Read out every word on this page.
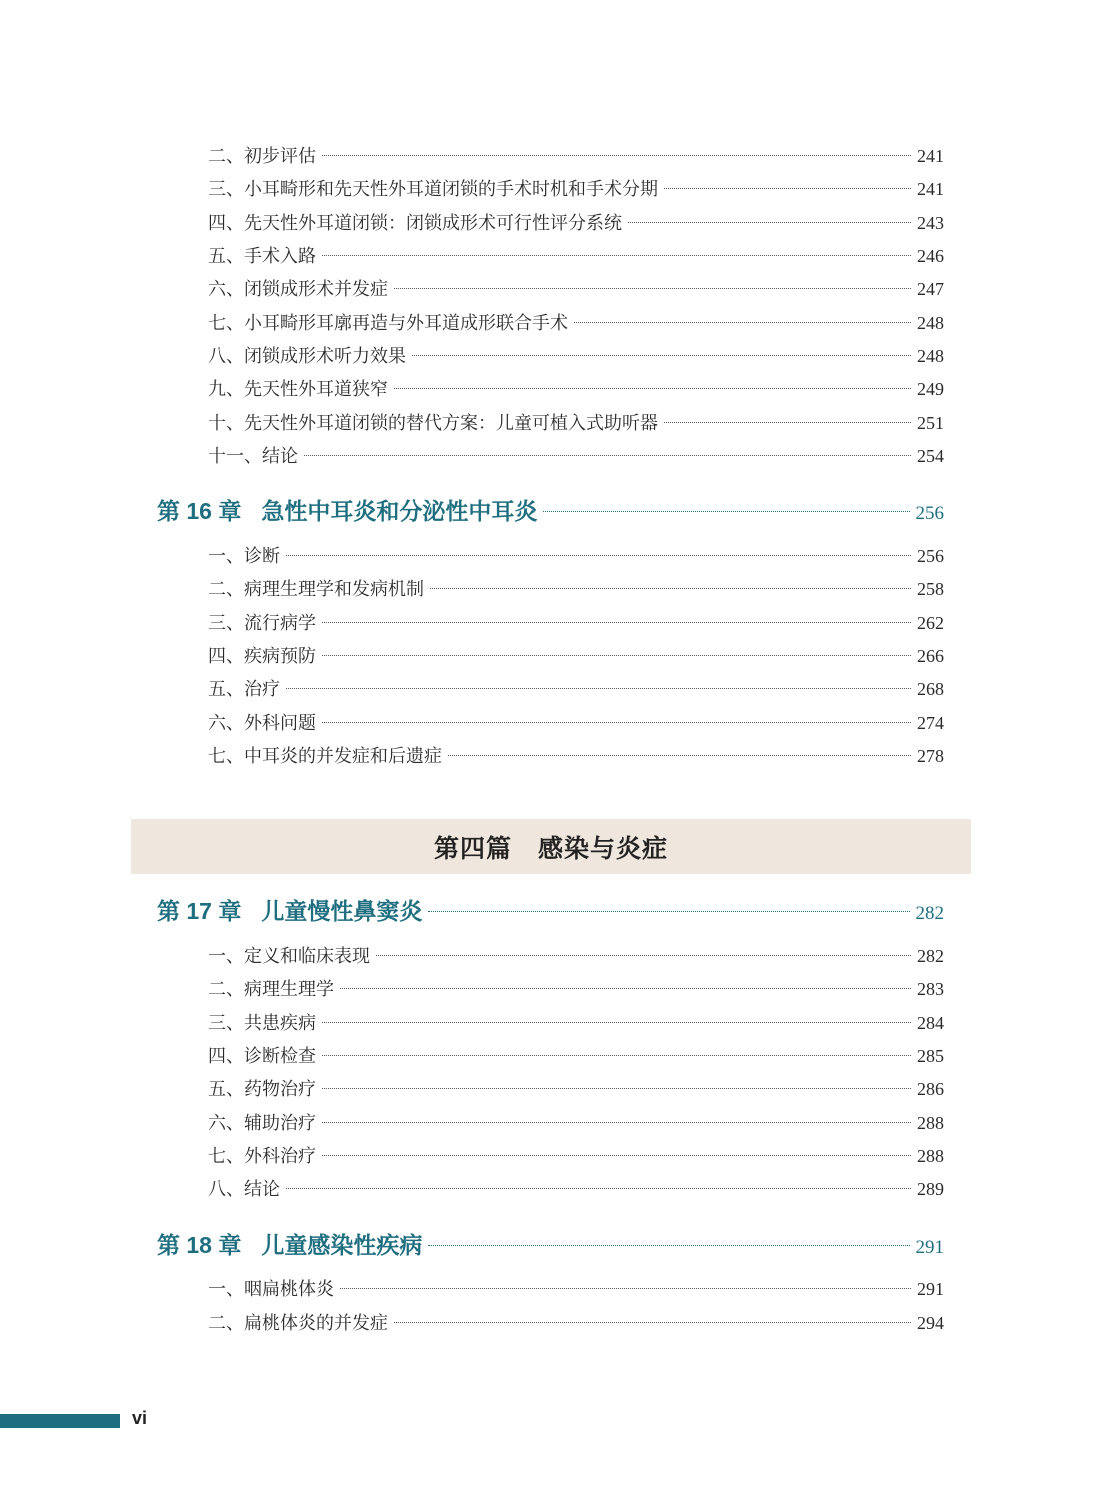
二、初步评估	241
三、小耳畸形和先天性外耳道闭锁的手术时机和手术分期	241
四、先天性外耳道闭锁：闭锁成形术可行性评分系统	243
五、手术入路	246
六、闭锁成形术并发症	247
七、小耳畸形耳廓再造与外耳道成形联合手术	248
八、闭锁成形术听力效果	248
九、先天性外耳道狭窄	249
十、先天性外耳道闭锁的替代方案：儿童可植入式助听器	251
十一、结论	254
第 16 章 急性中耳炎和分泌性中耳炎	256
一、诊断	256
二、病理生理学和发病机制	258
三、流行病学	262
四、疾病预防	266
五、治疗	268
六、外科问题	274
七、中耳炎的并发症和后遗症	278
第四篇　感染与炎症
第 17 章 儿童慢性鼻窦炎	282
一、定义和临床表现	282
二、病理生理学	283
三、共患疾病	284
四、诊断检查	285
五、药物治疗	286
六、辅助治疗	288
七、外科治疗	288
八、结论	289
第 18 章 儿童感染性疾病	291
一、咽扁桃体炎	291
二、扁桃体炎的并发症	294
vi
